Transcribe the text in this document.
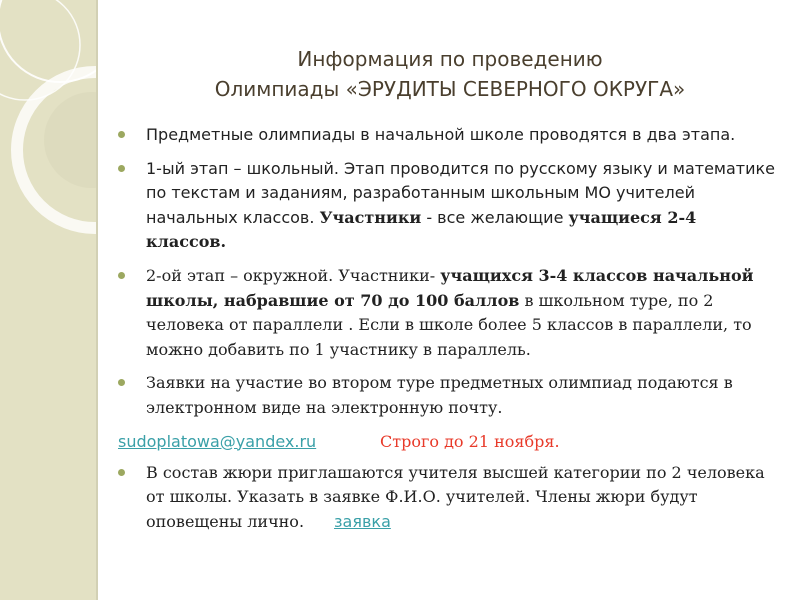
Информация по проведению
Олимпиады «ЭРУДИТЫ СЕВЕРНОГО ОКРУГА»
Предметные олимпиады в начальной школе проводятся в два этапа.
1-ый этап – школьный. Этап проводится по русскому языку и математике по текстам и заданиям, разработанным школьным МО учителей начальных классов. Участники - все желающие учащиеся 2-4 классов.
2-ой этап – окружной. Участники- учащихся 3-4 классов начальной школы, набравшие от 70 до 100 баллов в школьном туре, по 2 человека от параллели . Если в школе более 5 классов в параллели, то можно добавить по 1 участнику в параллель.
Заявки на участие во втором туре предметных олимпиад подаются в электронном виде на электронную почту.
sudoplatowa@yandex.ru	Строго до 21 ноября.
В состав жюри приглашаются учителя высшей категории по 2 человека от школы. Указать в заявке Ф.И.О. учителей. Члены жюри будут оповещены лично. заявка
